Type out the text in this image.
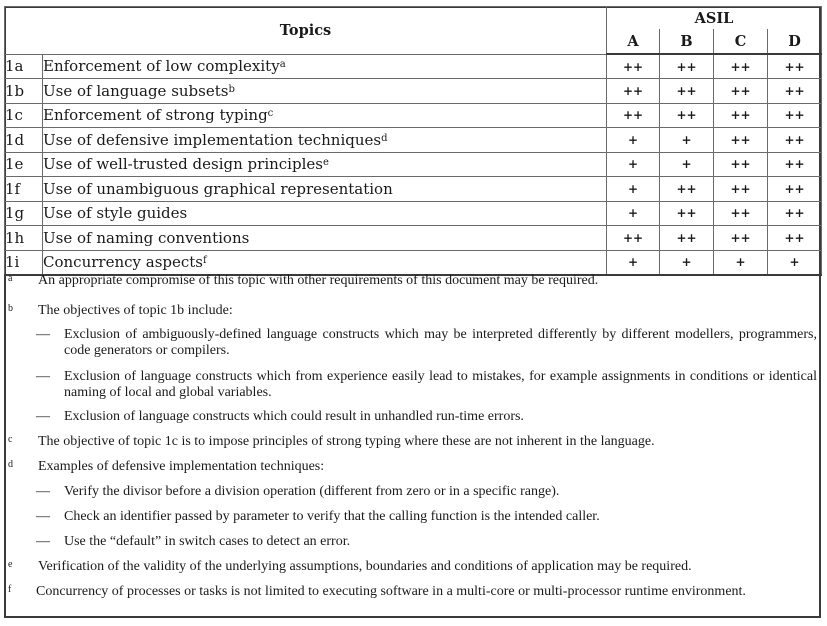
Topics		ASIL			
		A	B	C	D
1a	Enforcement of low complexity$^a$	++	++	++	++
1b	Use of language subsets$^b$	++	++	++	++
1c	Enforcement of strong typing$^c$	++	++	++	++
1d	Use of defensive implementation techniques$^d$	+	+	++	++
1e	Use of well-trusted design principles$^e$	+	+	++	++
1f	Use of unambiguous graphical representation	+	++	++	++
1g	Use of style guides	+	++	++	++
1h	Use of naming conventions	++	++	++	++
1i	Concurrency aspects$^f$	+	+	+	+
a An appropriate compromise of this topic with other requirements of this document may be required.
b The objectives of topic 1b include:
— Exclusion of ambiguously-defined language constructs which may be interpreted differently by different modellers, programmers, code generators or compilers.
— Exclusion of language constructs which from experience easily lead to mistakes, for example assignments in conditions or identical naming of local and global variables.
— Exclusion of language constructs which could result in unhandled run-time errors.
c The objective of topic 1c is to impose principles of strong typing where these are not inherent in the language.
d Examples of defensive implementation techniques:
— Verify the divisor before a division operation (different from zero or in a specific range).
— Check an identifier passed by parameter to verify that the calling function is the intended caller.
— Use the “default” in switch cases to detect an error.
e Verification of the validity of the underlying assumptions, boundaries and conditions of application may be required.
f	Concurrency of processes or tasks is not limited to executing software in a multi-core or multi-processor runtime environment.
